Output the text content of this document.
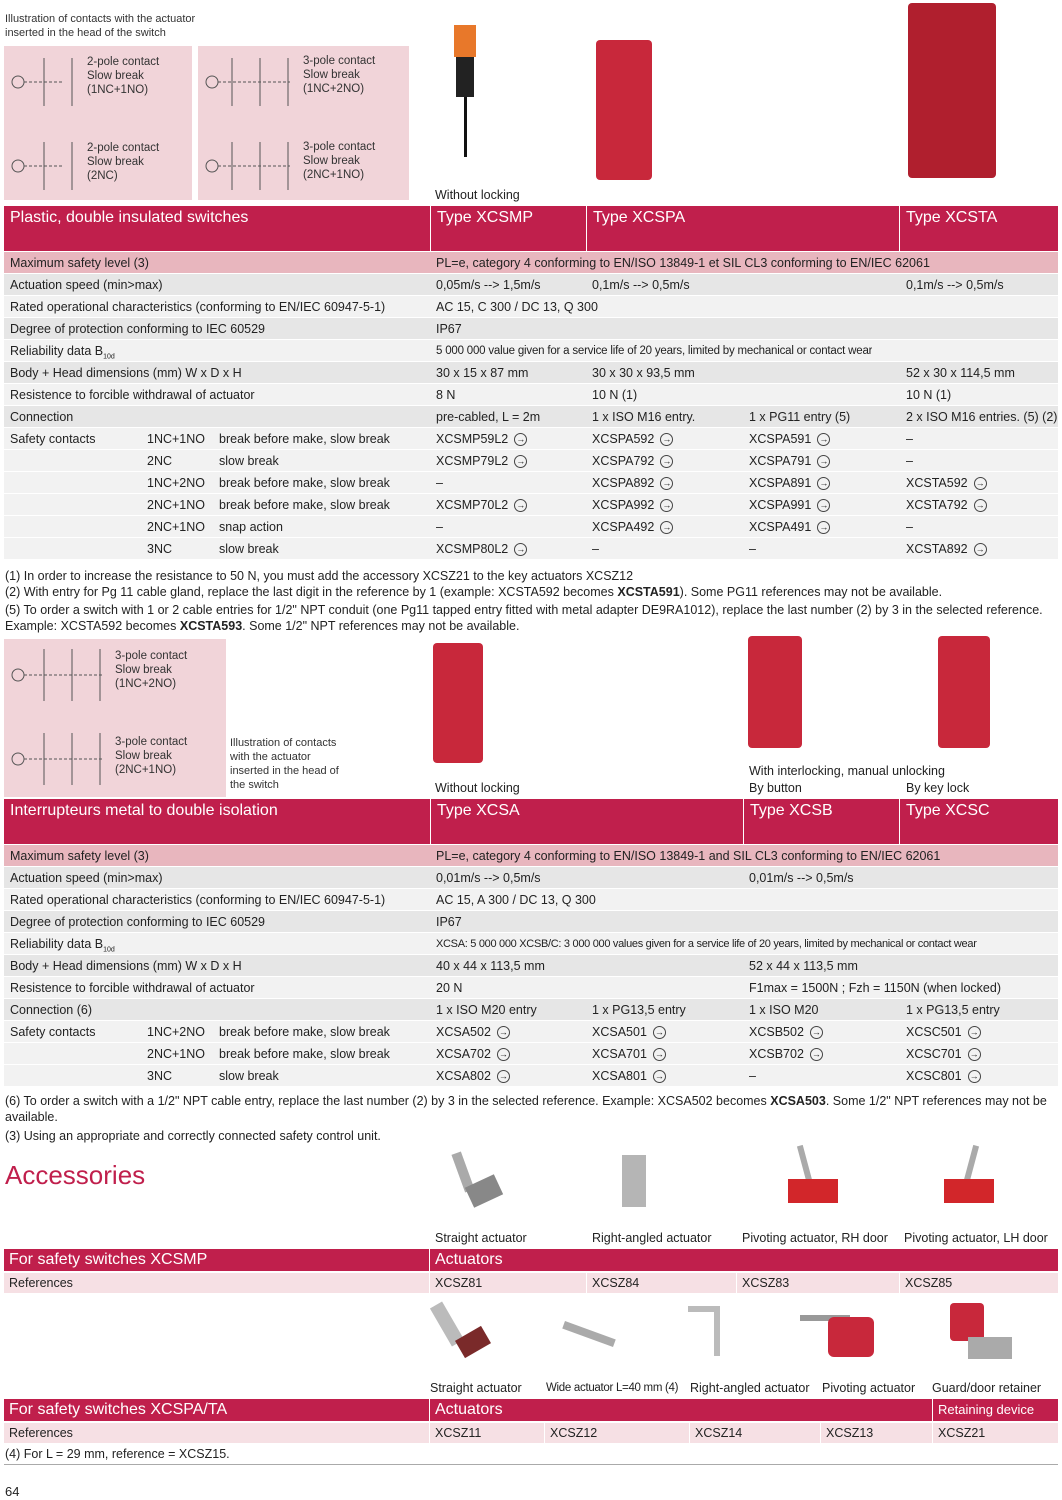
Illustration of contacts with the actuator inserted in the head of the switch
2-pole contact
Slow break
(1NC+1NO)
2-pole contact
Slow break
(2NC)
3-pole contact
Slow break
(1NC+2NO)
3-pole contact
Slow break
(2NC+1NO)
Without locking
Plastic, double insulated switches	Type XCSMP	Type XCSPA	Type XCSTA
Maximum safety level (3)	PL=e, category 4 conforming to EN/ISO 13849-1 et SIL CL3 conforming to EN/IEC 62061
Actuation speed (min>max)	0,05m/s --> 1,5m/s	0,1m/s --> 0,5m/s	0,1m/s --> 0,5m/s
Rated operational characteristics (conforming to EN/IEC 60947-5-1)	AC 15, C 300 / DC 13, Q 300
Degree of protection conforming to IEC 60529	IP67
Reliability data $B_{10d}$	5 000 000 value given for a service life of 20 years, limited by mechanical or contact wear
Body + Head dimensions (mm) W x D x H	30 x 15 x 87 mm	30 x 30 x 93,5 mm	52 x 30 x 114,5 mm
Resistence to forcible withdrawal of actuator	8 N	10 N (1)	10 N (1)
Connection	pre-cabled, L = 2m	1 x ISO M16 entry.	1 x PG11 entry (5)	2 x ISO M16 entries. (5) (2)
Safety contacts	1NC+1NO	break before make, slow break	XCSMP59L2 →	XCSPA592 →	XCSPA591 →	–
2NC	slow break	XCSMP79L2 →	XCSPA792 →	XCSPA791 →	–
1NC+2NO	break before make, slow break	–	XCSPA892 →	XCSPA891 →	XCSTA592 →
2NC+1NO	break before make, slow break	XCSMP70L2 →	XCSPA992 →	XCSPA991 →	XCSTA792 →
2NC+1NO	snap action	–	XCSPA492 →	XCSPA491 →	–
3NC	slow break	XCSMP80L2 →	–	–	XCSTA892 →
(1) In order to increase the resistance to 50 N, you must add the accessory XCSZ21 to the key actuators XCSZ12
(2) With entry for Pg 11 cable gland, replace the last digit in the reference by 1 (example: XCSTA592 becomes XCSTA591). Some PG11 references may not be available.
(5) To order a switch with 1 or 2 cable entries for 1/2" NPT conduit (one Pg11 tapped entry fitted with metal adapter DE9RA1012), replace the last number (2) by 3 in the selected reference. Example: XCSTA592 becomes XCSTA593. Some 1/2" NPT references may not be available.
3-pole contact
Slow break
(1NC+2NO)
3-pole contact
Slow break
(2NC+1NO)
Illustration of contacts with the actuator inserted in the head of the switch	Without locking
With interlocking, manual unlocking
By button	By key lock
Interrupteurs metal to double isolation	Type XCSA	Type XCSB	Type XCSC
Maximum safety level (3)	PL=e, category 4 conforming to EN/ISO 13849-1 and SIL CL3 conforming to EN/IEC 62061
Actuation speed (min>max)	0,01m/s --> 0,5m/s	0,01m/s --> 0,5m/s
Rated operational characteristics (conforming to EN/IEC 60947-5-1)	AC 15, A 300 / DC 13, Q 300
Degree of protection conforming to IEC 60529	IP67
Reliability data $B_{10d}$	XCSA: 5 000 000 XCSB/C: 3 000 000 values given for a service life of 20 years, limited by mechanical or contact wear
Body + Head dimensions (mm) W x D x H	40 x 44 x 113,5 mm	52 x 44 x 113,5 mm
Resistence to forcible withdrawal of actuator	20 N	F1max = 1500N ; Fzh = 1150N (when locked)
Connection (6)	1 x ISO M20 entry	1 x PG13,5 entry	1 x ISO M20	1 x PG13,5 entry
Safety contacts	1NC+2NO	break before make, slow break	XCSA502 →	XCSA501 →	XCSB502 →	XCSC501 →
2NC+1NO	break before make, slow break	XCSA702 →	XCSA701 →	XCSB702 →	XCSC701 →
3NC	slow break	XCSA802 →	XCSA801 →	–	XCSC801 →
(6) To order a switch with a 1/2" NPT cable entry, replace the last number (2) by 3 in the selected reference. Example: XCSA502 becomes XCSA503. Some 1/2" NPT references may not be available.
(3) Using an appropriate and correctly connected safety control unit.
Accessories
Straight actuator	Right-angled actuator Pivoting actuator, RH door Pivoting actuator, LH door
For safety switches XCSMP	Actuators
References	XCSZ81	XCSZ84	XCSZ83	XCSZ85
Straight actuator Wide actuator L=40 mm (4) Right-angled actuator Pivoting actuator Guard/door retainer
For safety switches XCSPA/TA	Actuators	Retaining device
References	XCSZ11	XCSZ12	XCSZ14	XCSZ13	XCSZ21
(4) For L = 29 mm, reference = XCSZ15.
64
